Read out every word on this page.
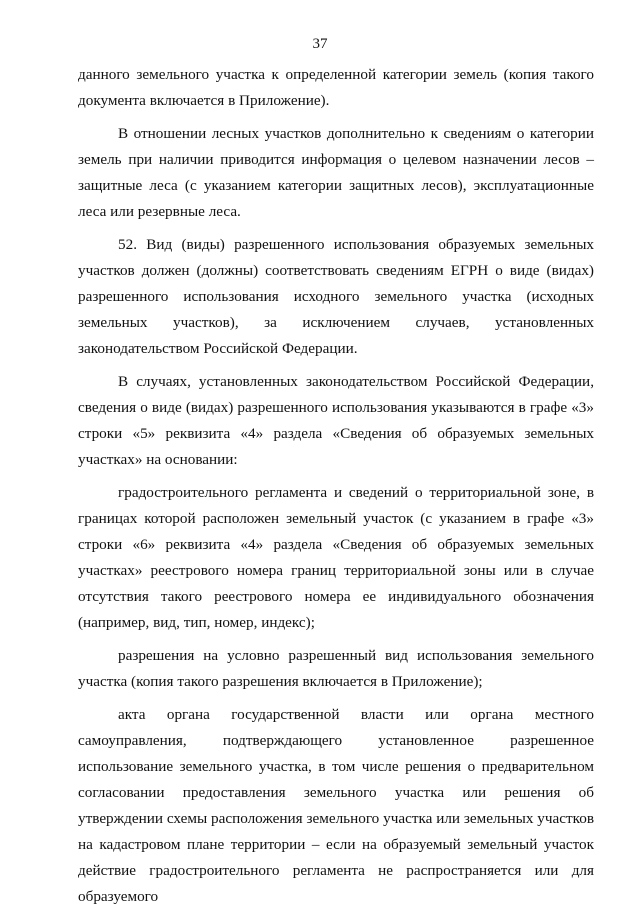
37

данного земельного участка к определенной категории земель (копия такого документа включается в Приложение).

В отношении лесных участков дополнительно к сведениям о категории земель при наличии приводится информация о целевом назначении лесов – защитные леса (с указанием категории защитных лесов), эксплуатационные леса или резервные леса.

52. Вид (виды) разрешенного использования образуемых земельных участков должен (должны) соответствовать сведениям ЕГРН о виде (видах) разрешенного использования исходного земельного участка (исходных земельных участков), за исключением случаев, установленных законодательством Российской Федерации.

В случаях, установленных законодательством Российской Федерации, сведения о виде (видах) разрешенного использования указываются в графе «3» строки «5» реквизита «4» раздела «Сведения об образуемых земельных участках» на основании:

градостроительного регламента и сведений о территориальной зоне, в границах которой расположен земельный участок (с указанием в графе «3» строки «6» реквизита «4» раздела «Сведения об образуемых земельных участках» реестрового номера границ территориальной зоны или в случае отсутствия такого реестрового номера ее индивидуального обозначения (например, вид, тип, номер, индекс);

разрешения на условно разрешенный вид использования земельного участка (копия такого разрешения включается в Приложение);

акта органа государственной власти или органа местного самоуправления, подтверждающего установленное разрешенное использование земельного участка, в том числе решения о предварительном согласовании предоставления земельного участка или решения об утверждении схемы расположения земельного участка или земельных участков на кадастровом плане территории – если на образуемый земельный участок действие градостроительного регламента не распространяется или для образуемого
